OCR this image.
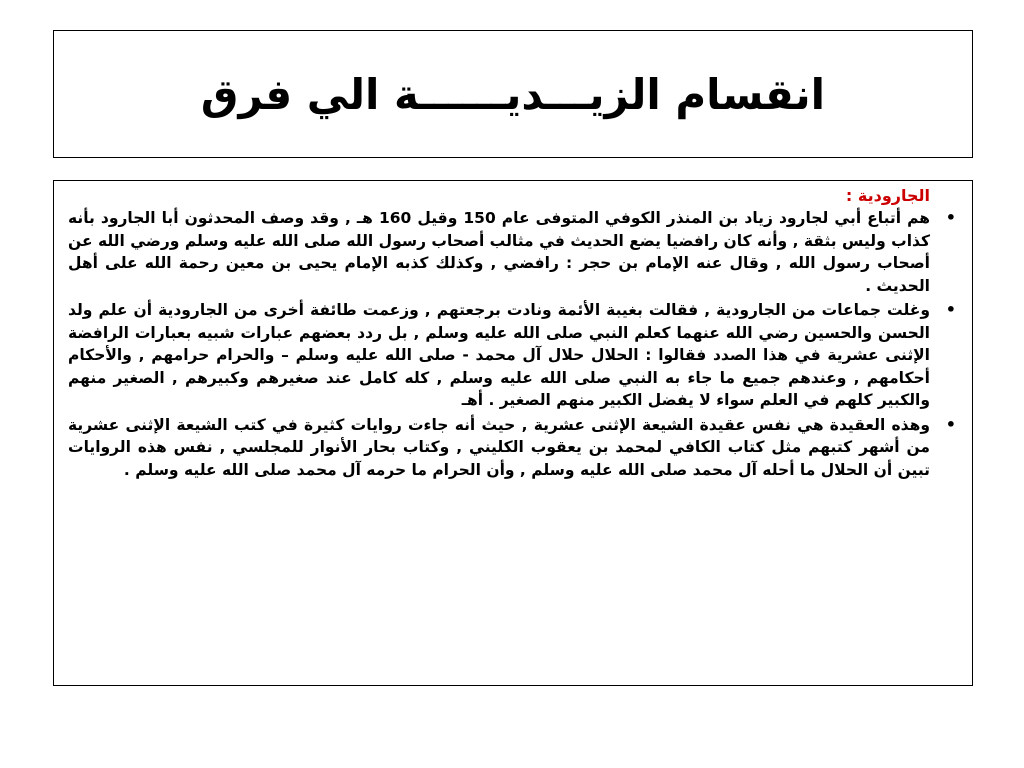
انقسام الزيـــديــــــة الي فرق
الجارودية :
• هم أتباع أبي لجارود زياد بن المنذر الكوفي المتوفى عام 150 وقيل 160 هـ , وقد وصف المحدثون أبا الجارود بأنه كذاب وليس بثقة , وأنه كان رافضيا يضع الحديث في مثالب أصحاب رسول الله صلى الله عليه وسلم ورضي الله عن أصحاب رسول الله , وقال عنه الإمام بن حجر : رافضي , وكذلك كذبه الإمام يحيى بن معين رحمة الله على أهل الحديث .
• وغلت جماعات من الجارودية , فقالت بغيبة الأئمة ونادت برجعتهم , وزعمت طائفة أخرى من الجارودية أن علم ولد الحسن والحسين رضي الله عنهما كعلم النبي صلى الله عليه وسلم , بل ردد بعضهم عبارات شبيه بعبارات الرافضة الإثنى عشرية في هذا الصدد فقالوا : الحلال حلال آل محمد - صلى الله عليه وسلم – والحرام حرامهم , والأحكام أحكامهم , وعندهم جميع ما جاء به النبي صلى الله عليه وسلم , كله كامل عند صغيرهم وكبيرهم , الصغير منهم والكبير كلهم في العلم سواء لا يفضل الكبير منهم الصغير . أهـ
• وهذه العقيدة هي نفس عقيدة الشيعة الإثنى عشرية , حيث أنه جاءت روايات كثيرة في كتب الشيعة الإثنى عشرية من أشهر كتبهم مثل كتاب الكافي لمحمد بن يعقوب الكليني , وكتاب بحار الأنوار للمجلسي , نفس هذه الروايات تبين أن الحلال ما أحله آل محمد صلى الله عليه وسلم , وأن الحرام ما حرمه آل محمد صلى الله عليه وسلم .
